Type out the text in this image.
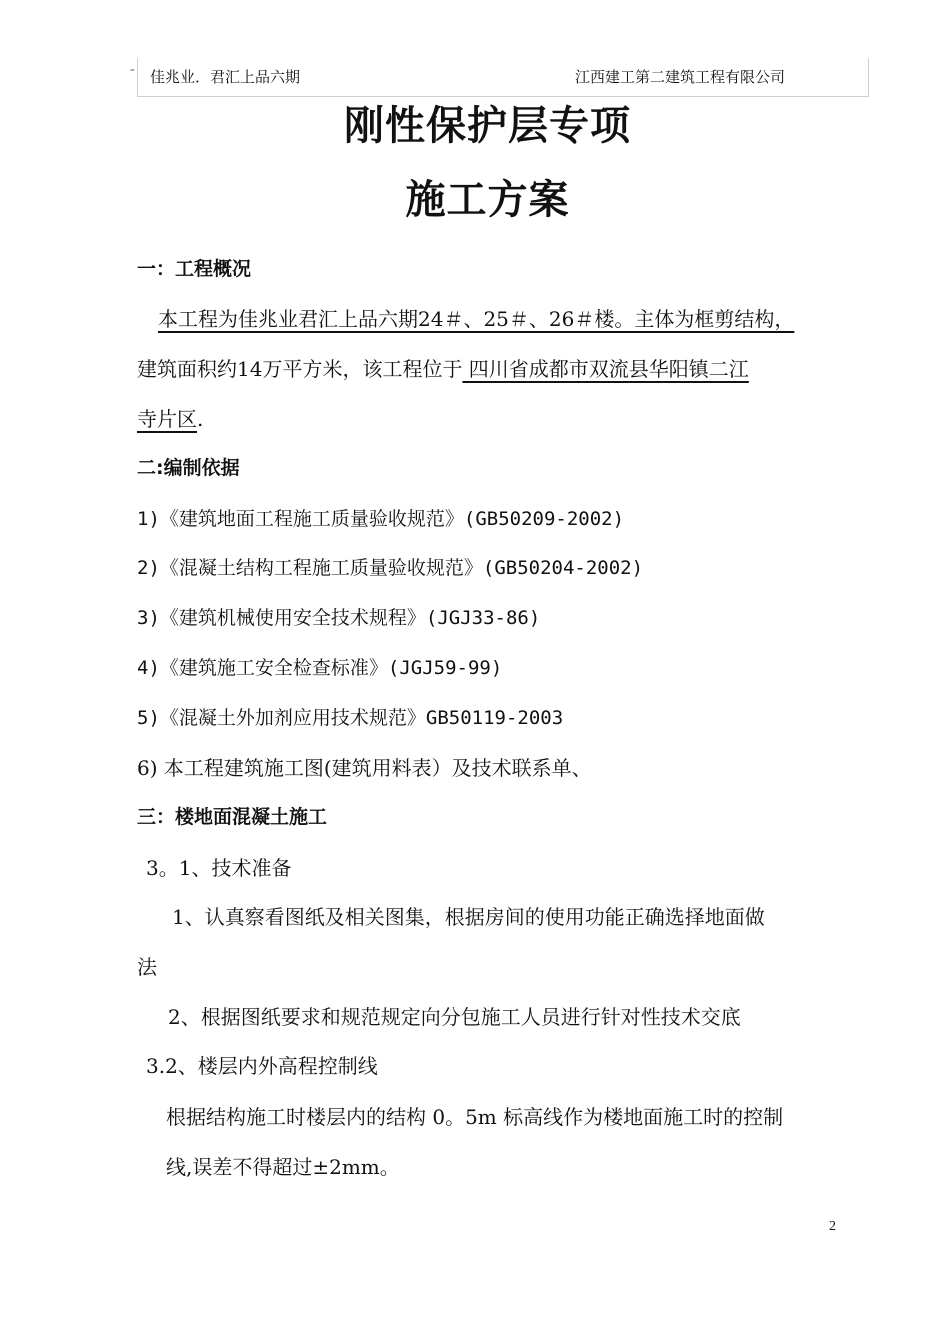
-
佳兆业．君汇上品六期	江西建工第二建筑工程有限公司
刚性保护层专项
施工方案
一：工程概况
本工程为佳兆业君汇上品六期24＃、25＃、26＃楼。主体为框剪结构，
建筑面积约14万平方米，该工程位于 四川省成都市双流县华阳镇二江
寺片区.
二:编制依据
1)《建筑地面工程施工质量验收规范》(GB50209-2002)
2)《混凝土结构工程施工质量验收规范》(GB50204-2002)
3)《建筑机械使用安全技术规程》(JGJ33-86)
4)《建筑施工安全检查标准》(JGJ59-99)
5)《混凝土外加剂应用技术规范》GB50119-2003
6) 本工程建筑施工图(建筑用料表）及技术联系单、
三：楼地面混凝土施工
3。1、技术准备
1、认真察看图纸及相关图集，根据房间的使用功能正确选择地面做
法
2、根据图纸要求和规范规定向分包施工人员进行针对性技术交底
3.2、楼层内外高程控制线
根据结构施工时楼层内的结构 0。5m 标高线作为楼地面施工时的控制
线,误差不得超过±2mm。
2
